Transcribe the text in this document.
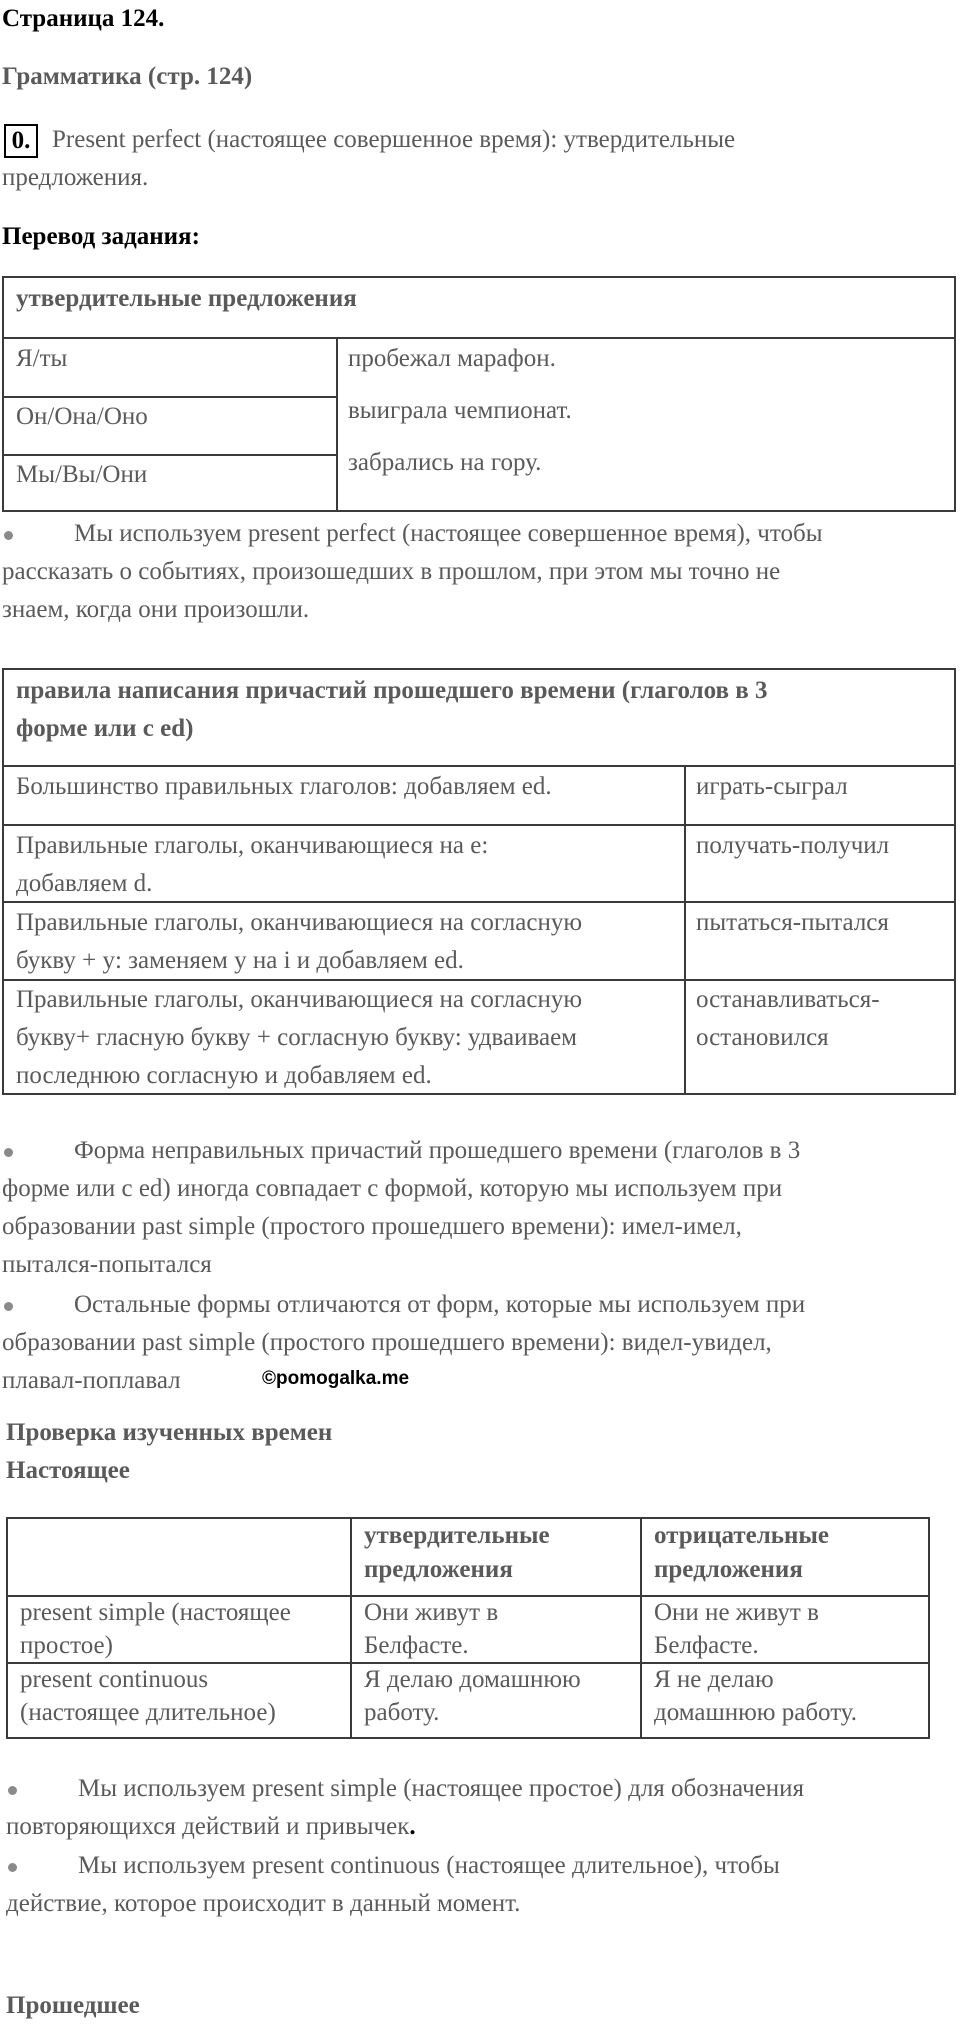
Страница 124.
Грамматика (стр. 124)
0. Present perfect (настоящее совершенное время): утвердительные
предложения.
Перевод задания:
утвердительные предложения
Я/ты
Он/Она/Оно
Мы/Вы/Они
пробежал марафон.
выиграла чемпионат.
забрались на гору.
Мы используем present perfect (настоящее совершенное время), чтобы
рассказать о событиях, произошедших в прошлом, при этом мы точно не
знаем, когда они произошли.
правила написания причастий прошедшего времени (глаголов в 3
форме или с ed)
Большинство правильных глаголов: добавляем ed.	играть-сыграл
Правильные глаголы, оканчивающиеся на e:
добавляем d.
получать-получил
Правильные глаголы, оканчивающиеся на согласную
букву + y: заменяем y на i и добавляем ed.
пытаться-пытался
Правильные глаголы, оканчивающиеся на согласную
букву+ гласную букву + согласную букву: удваиваем
последнюю согласную и добавляем ed.
останавливаться-
остановился
Форма неправильных причастий прошедшего времени (глаголов в 3
форме или с ed) иногда совпадает с формой, которую мы используем при
образовании past simple (простого прошедшего времени): имел-имел,
пытался-попытался
Остальные формы отличаются от форм, которые мы используем при
образовании past simple (простого прошедшего времени): видел-увидел,
плавал-поплавал	©pomogalka.me
Проверка изученных времен
Настоящее
утвердительные
предложения
отрицательные
предложения
present simple (настоящее
простое)
Они живут в
Белфасте.
Они не живут в
Белфасте.
present continuous
(настоящее длительное)
Я делаю домашнюю
работу.
Я не делаю
домашнюю работу.
Мы используем present simple (настоящее простое) для обозначения
повторяющихся действий и привычек.
Мы используем present continuous (настоящее длительное), чтобы
действие, которое происходит в данный момент.
Прошедшее
